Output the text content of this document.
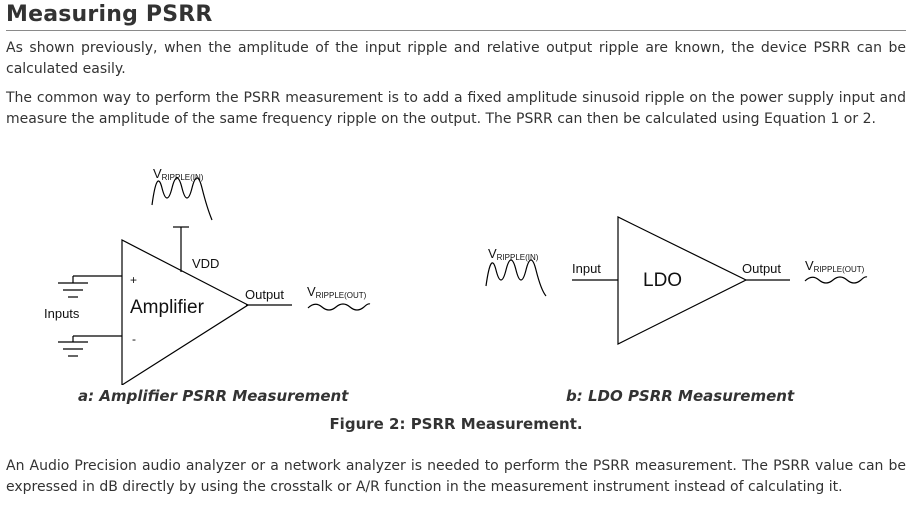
Measuring PSRR

As shown previously, when the amplitude of the input ripple and relative output ripple are known, the device PSRR can be calculated easily.

The common way to perform the PSRR measurement is to add a fixed amplitude sinusoid ripple on the power supply input and measure the amplitude of the same frequency ripple on the output. The PSRR can then be calculated using Equation 1 or 2.

VRIPPLE(IN)
VDD
+
-
Amplifier
Inputs
Output VRIPPLE(OUT)
VRIPPLE(IN)
Input
LDO
Output VRIPPLE(OUT)
a: Amplifier PSRR Measurement	b: LDO PSRR Measurement
Figure 2: PSRR Measurement.

An Audio Precision audio analyzer or a network analyzer is needed to perform the PSRR measurement. The PSRR value can be expressed in dB directly by using the crosstalk or A/R function in the measurement instrument instead of calculating it.
